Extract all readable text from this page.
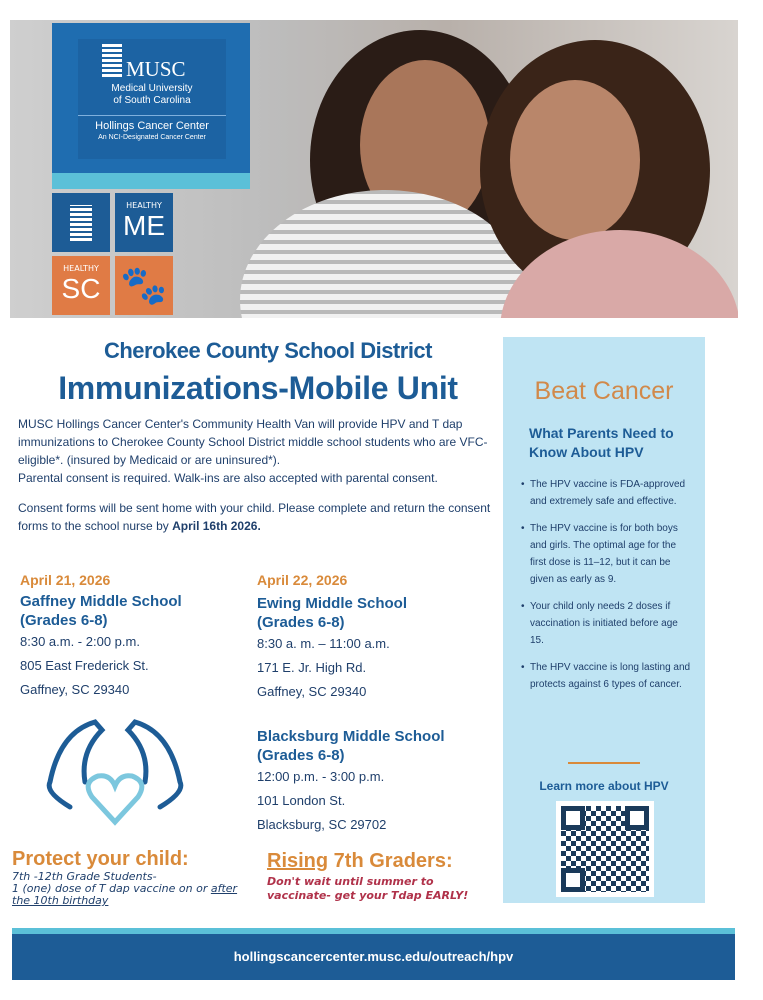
MUSC
Medical University
of South Carolina
Hollings Cancer Center
An NCI-Designated Cancer Center
HEALTHY
ME
HEALTHY
SC 🐾
Cherokee County School District
Immunizations-Mobile Unit

MUSC Hollings Cancer Center's Community Health Van will provide HPV and T dap immunizations to Cherokee County School District middle school students who are VFC- eligible*. (insured by Medicaid or are uninsured*).

Parental consent is required. Walk-ins are also accepted with parental consent.

Consent forms will be sent home with your child. Please complete and return the consent forms to the school nurse by April 16th 2026.

April 21, 2026
Gaffney Middle School
(Grades 6-8)
8:30 a.m. - 2:00 p.m.
805 East Frederick St.
Gaffney, SC 29340
April 22, 2026
Ewing Middle School
(Grades 6-8)
8:30 a. m. – 11:00 a.m.
171 E. Jr. High Rd.
Gaffney, SC 29340
Blacksburg Middle School
(Grades 6-8)
12:00 p.m. - 3:00 p.m.
101 London St.
Blacksburg, SC 29702
Protect your child:
7th -12th Grade Students-
1 (one) dose of T dap vaccine on or after
the 10th birthday
Rising 7th Graders:
Don't wait until summer to
vaccinate- get your Tdap EARLY!
Beat Cancer
What Parents Need to Know About HPV
• The HPV vaccine is FDA-approved and extremely safe and effective.
• The HPV vaccine is for both boys and girls. The optimal age for the first dose is 11–12, but it can be given as early as 9.
• Your child only needs 2 doses if vaccination is initiated before age 15.
• The HPV vaccine is long lasting and protects against 6 types of cancer.
Learn more about HPV
hollingscancercenter.musc.edu/outreach/hpv
